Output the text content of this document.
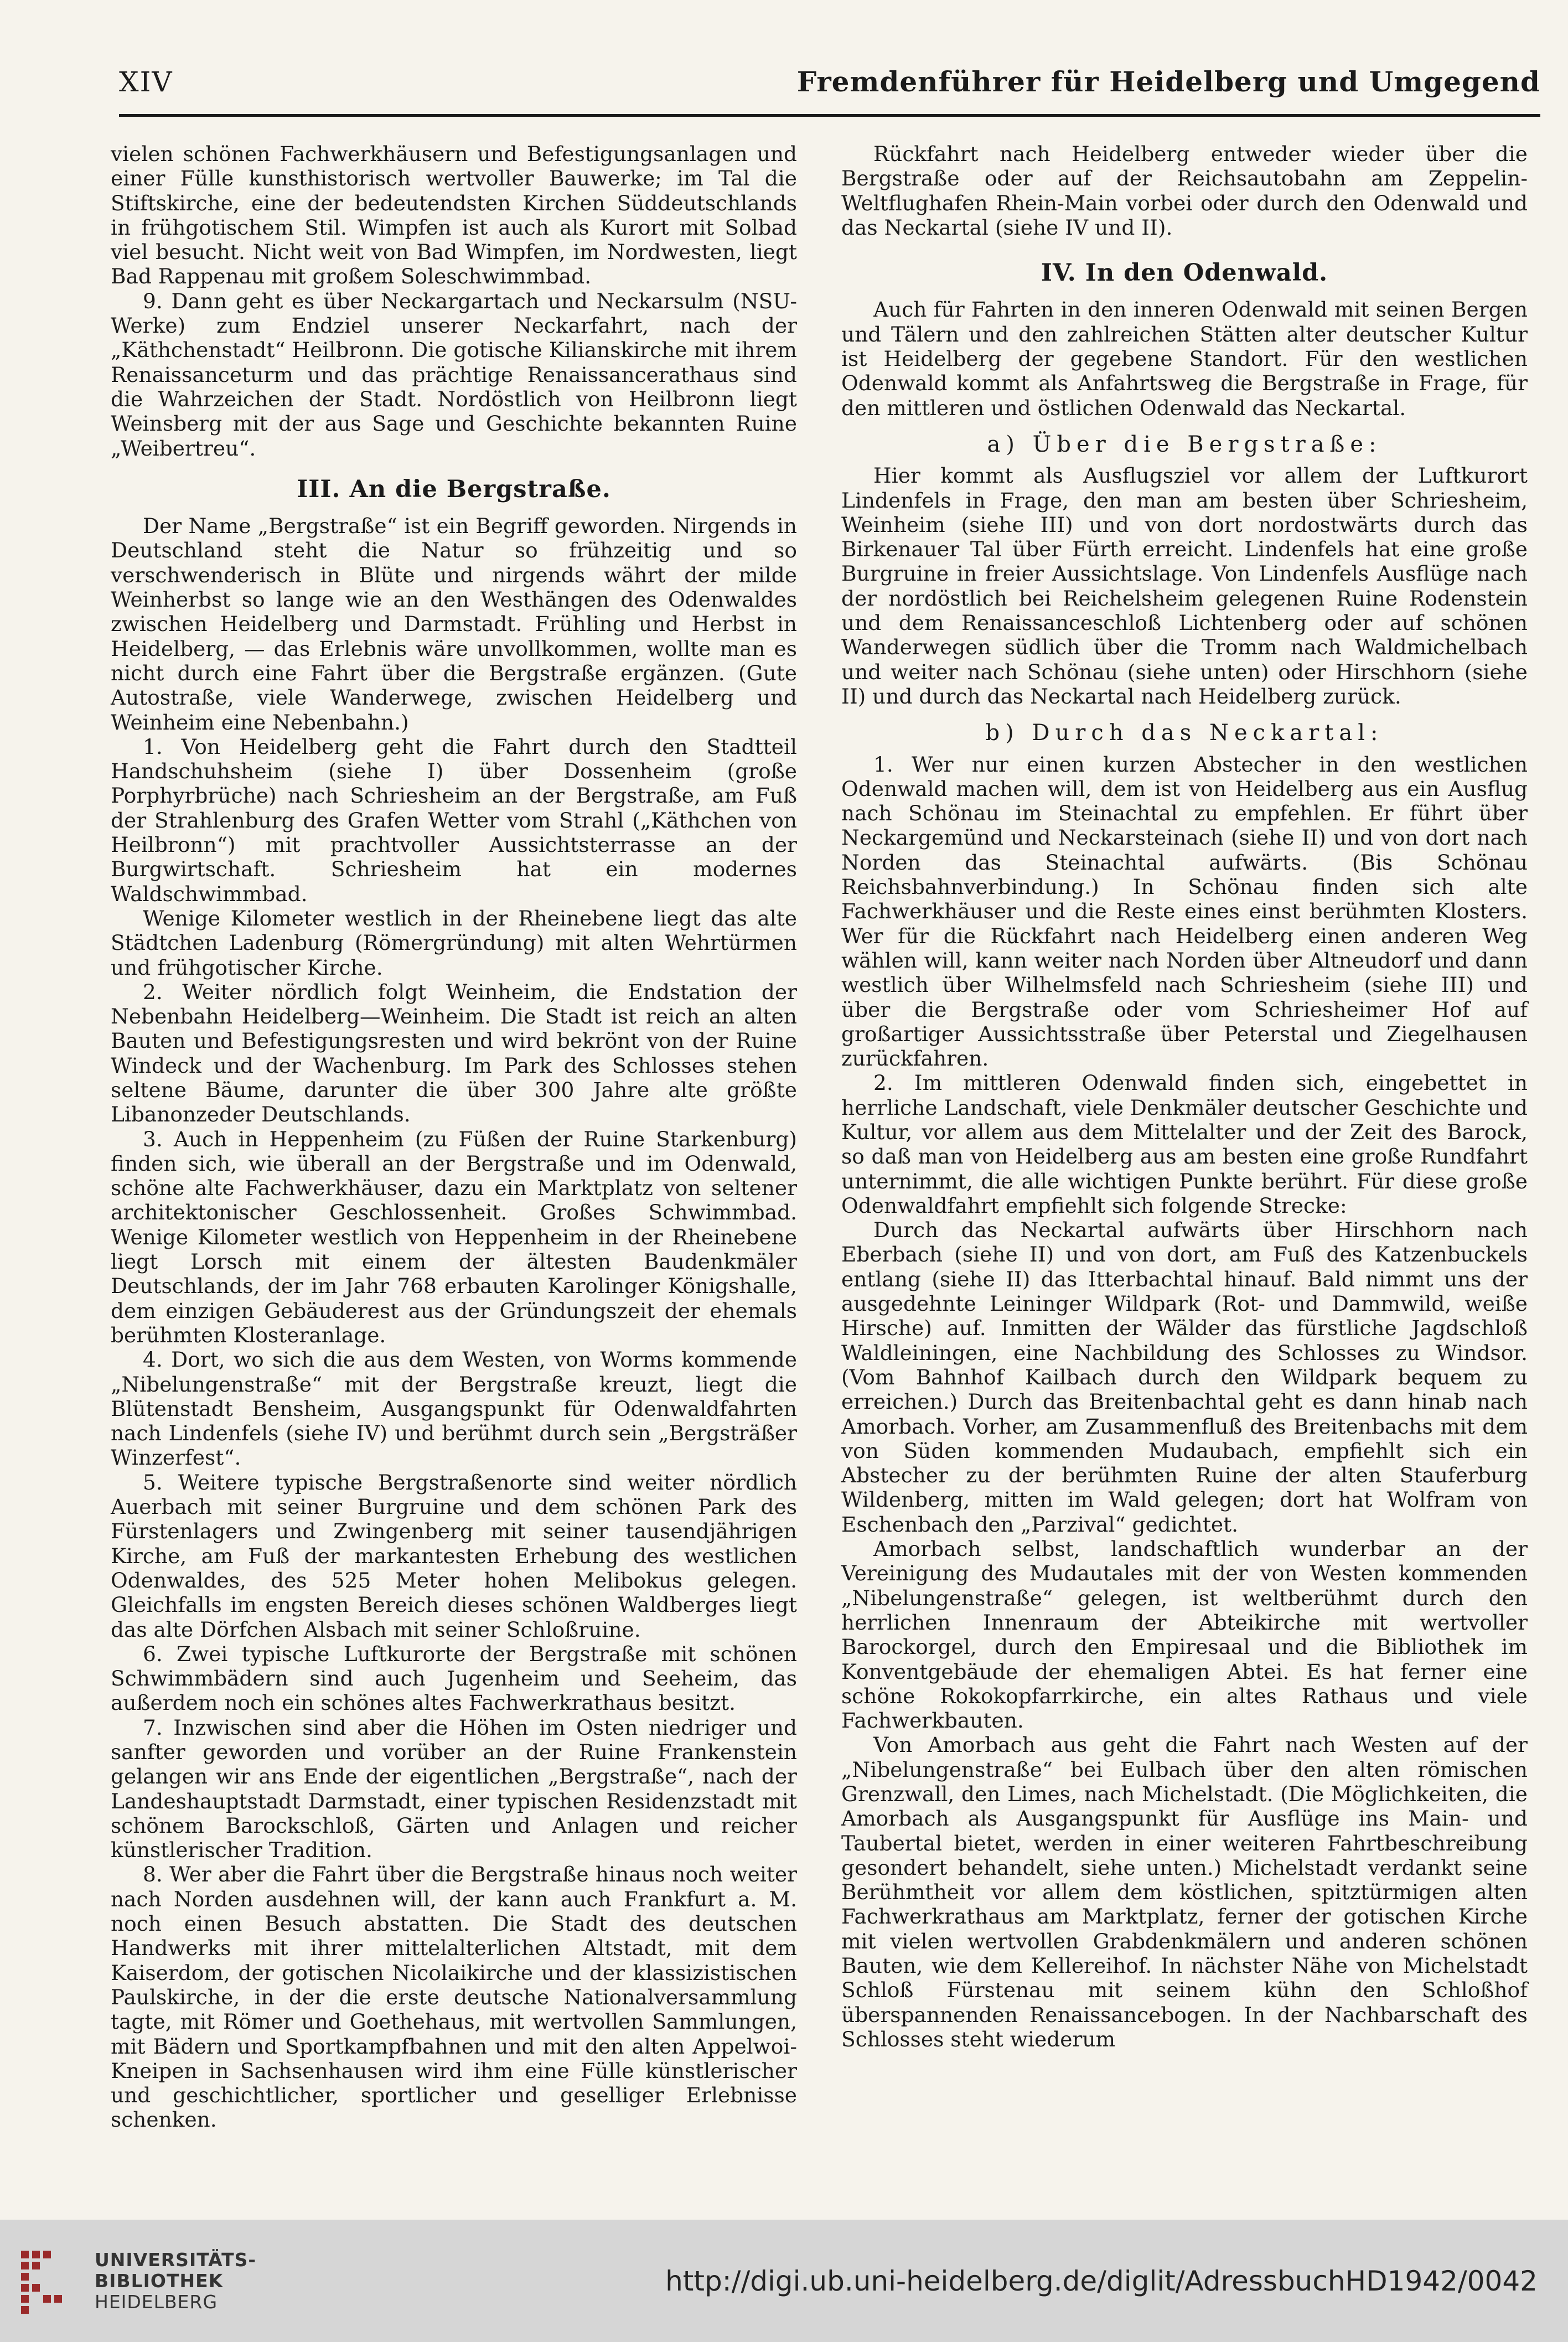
XIV	Fremdenführer für Heidelberg und Umgegend

vielen schönen Fachwerkhäusern und Befestigungsanlagen und einer Fülle kunsthistorisch wertvoller Bauwerke; im Tal die Stiftskirche, eine der bedeutendsten Kirchen Süddeutschlands in frühgotischem Stil. Wimpfen ist auch als Kurort mit Solbad viel besucht. Nicht weit von Bad Wimpfen, im Nordwesten, liegt Bad Rappenau mit großem Soleschwimmbad.

9. Dann geht es über Neckargartach und Neckarsulm (NSU-Werke) zum Endziel unserer Neckarfahrt, nach der „Käthchenstadt“ Heilbronn. Die gotische Kilianskirche mit ihrem Renaissanceturm und das prächtige Renaissancerathaus sind die Wahrzeichen der Stadt. Nordöstlich von Heilbronn liegt Weinsberg mit der aus Sage und Geschichte bekannten Ruine „Weibertreu“.

III. An die Bergstraße.

Der Name „Bergstraße“ ist ein Begriff geworden. Nirgends in Deutschland steht die Natur so frühzeitig und so verschwenderisch in Blüte und nirgends währt der milde Weinherbst so lange wie an den Westhängen des Odenwaldes zwischen Heidelberg und Darmstadt. Frühling und Herbst in Heidelberg, — das Erlebnis wäre unvollkommen, wollte man es nicht durch eine Fahrt über die Bergstraße ergänzen. (Gute Autostraße, viele Wanderwege, zwischen Heidelberg und Weinheim eine Nebenbahn.)

1. Von Heidelberg geht die Fahrt durch den Stadtteil Handschuhsheim (siehe I) über Dossenheim (große Porphyrbrüche) nach Schriesheim an der Bergstraße, am Fuß der Strahlenburg des Grafen Wetter vom Strahl („Käthchen von Heilbronn“) mit prachtvoller Aussichtsterrasse an der Burgwirtschaft. Schriesheim hat ein modernes Waldschwimmbad.

Wenige Kilometer westlich in der Rheinebene liegt das alte Städtchen Ladenburg (Römergründung) mit alten Wehrtürmen und frühgotischer Kirche.

2. Weiter nördlich folgt Weinheim, die Endstation der Nebenbahn Heidelberg—Weinheim. Die Stadt ist reich an alten Bauten und Befestigungsresten und wird bekrönt von der Ruine Windeck und der Wachenburg. Im Park des Schlosses stehen seltene Bäume, darunter die über 300 Jahre alte größte Libanonzeder Deutschlands.

3. Auch in Heppenheim (zu Füßen der Ruine Starkenburg) finden sich, wie überall an der Bergstraße und im Odenwald, schöne alte Fachwerkhäuser, dazu ein Marktplatz von seltener architektonischer Geschlossenheit. Großes Schwimmbad. Wenige Kilometer westlich von Heppenheim in der Rheinebene liegt Lorsch mit einem der ältesten Baudenkmäler Deutschlands, der im Jahr 768 erbauten Karolinger Königshalle, dem einzigen Gebäuderest aus der Gründungszeit der ehemals berühmten Klosteranlage.

4. Dort, wo sich die aus dem Westen, von Worms kommende „Nibelungenstraße“ mit der Bergstraße kreuzt, liegt die Blütenstadt Bensheim, Ausgangspunkt für Odenwaldfahrten nach Lindenfels (siehe IV) und berühmt durch sein „Bergsträßer Winzerfest“.

5. Weitere typische Bergstraßenorte sind weiter nördlich Auerbach mit seiner Burgruine und dem schönen Park des Fürstenlagers und Zwingenberg mit seiner tausendjährigen Kirche, am Fuß der markantesten Erhebung des westlichen Odenwaldes, des 525 Meter hohen Melibokus gelegen. Gleichfalls im engsten Bereich dieses schönen Waldberges liegt das alte Dörfchen Alsbach mit seiner Schloßruine.

6. Zwei typische Luftkurorte der Bergstraße mit schönen Schwimmbädern sind auch Jugenheim und Seeheim, das außerdem noch ein schönes altes Fachwerkrathaus besitzt.

7. Inzwischen sind aber die Höhen im Osten niedriger und sanfter geworden und vorüber an der Ruine Frankenstein gelangen wir ans Ende der eigentlichen „Bergstraße“, nach der Landeshauptstadt Darmstadt, einer typischen Residenzstadt mit schönem Barockschloß, Gärten und Anlagen und reicher künstlerischer Tradition.

8. Wer aber die Fahrt über die Bergstraße hinaus noch weiter nach Norden ausdehnen will, der kann auch Frankfurt a. M. noch einen Besuch abstatten. Die Stadt des deutschen Handwerks mit ihrer mittelalterlichen Altstadt, mit dem Kaiserdom, der gotischen Nicolaikirche und der klassizistischen Paulskirche, in der die erste deutsche Nationalversammlung tagte, mit Römer und Goethehaus, mit wertvollen Sammlungen, mit Bädern und Sportkampfbahnen und mit den alten Appelwoi-Kneipen in Sachsenhausen wird ihm eine Fülle künstlerischer und geschichtlicher, sportlicher und geselliger Erlebnisse schenken.

Rückfahrt nach Heidelberg entweder wieder über die Bergstraße oder auf der Reichsautobahn am Zeppelin-Weltflughafen Rhein-Main vorbei oder durch den Odenwald und das Neckartal (siehe IV und II).

IV. In den Odenwald.

Auch für Fahrten in den inneren Odenwald mit seinen Bergen und Tälern und den zahlreichen Stätten alter deutscher Kultur ist Heidelberg der gegebene Standort. Für den westlichen Odenwald kommt als Anfahrtsweg die Bergstraße in Frage, für den mittleren und östlichen Odenwald das Neckartal.

a) Über die Bergstraße:

Hier kommt als Ausflugsziel vor allem der Luftkurort Lindenfels in Frage, den man am besten über Schriesheim, Weinheim (siehe III) und von dort nordostwärts durch das Birkenauer Tal über Fürth erreicht. Lindenfels hat eine große Burgruine in freier Aussichtslage. Von Lindenfels Ausflüge nach der nordöstlich bei Reichelsheim gelegenen Ruine Rodenstein und dem Renaissanceschloß Lichtenberg oder auf schönen Wanderwegen südlich über die Tromm nach Waldmichelbach und weiter nach Schönau (siehe unten) oder Hirschhorn (siehe II) und durch das Neckartal nach Heidelberg zurück.

b) Durch das Neckartal:

1. Wer nur einen kurzen Abstecher in den westlichen Odenwald machen will, dem ist von Heidelberg aus ein Ausflug nach Schönau im Steinachtal zu empfehlen. Er führt über Neckargemünd und Neckarsteinach (siehe II) und von dort nach Norden das Steinachtal aufwärts. (Bis Schönau Reichsbahnverbindung.) In Schönau finden sich alte Fachwerkhäuser und die Reste eines einst berühmten Klosters. Wer für die Rückfahrt nach Heidelberg einen anderen Weg wählen will, kann weiter nach Norden über Altneudorf und dann westlich über Wilhelmsfeld nach Schriesheim (siehe III) und über die Bergstraße oder vom Schriesheimer Hof auf großartiger Aussichtsstraße über Peterstal und Ziegelhausen zurückfahren.

2. Im mittleren Odenwald finden sich, eingebettet in herrliche Landschaft, viele Denkmäler deutscher Geschichte und Kultur, vor allem aus dem Mittelalter und der Zeit des Barock, so daß man von Heidelberg aus am besten eine große Rundfahrt unternimmt, die alle wichtigen Punkte berührt. Für diese große Odenwaldfahrt empfiehlt sich folgende Strecke:

Durch das Neckartal aufwärts über Hirschhorn nach Eberbach (siehe II) und von dort, am Fuß des Katzenbuckels entlang (siehe II) das Itterbachtal hinauf. Bald nimmt uns der ausgedehnte Leininger Wildpark (Rot- und Dammwild, weiße Hirsche) auf. Inmitten der Wälder das fürstliche Jagdschloß Waldleiningen, eine Nachbildung des Schlosses zu Windsor. (Vom Bahnhof Kailbach durch den Wildpark bequem zu erreichen.) Durch das Breitenbachtal geht es dann hinab nach Amorbach. Vorher, am Zusammenfluß des Breitenbachs mit dem von Süden kommenden Mudaubach, empfiehlt sich ein Abstecher zu der berühmten Ruine der alten Stauferburg Wildenberg, mitten im Wald gelegen; dort hat Wolfram von Eschenbach den „Parzival“ gedichtet.

Amorbach selbst, landschaftlich wunderbar an der Vereinigung des Mudautales mit der von Westen kommenden „Nibelungenstraße“ gelegen, ist weltberühmt durch den herrlichen Innenraum der Abteikirche mit wertvoller Barockorgel, durch den Empiresaal und die Bibliothek im Konventgebäude der ehemaligen Abtei. Es hat ferner eine schöne Rokokopfarrkirche, ein altes Rathaus und viele Fachwerkbauten.

Von Amorbach aus geht die Fahrt nach Westen auf der „Nibelungenstraße“ bei Eulbach über den alten römischen Grenzwall, den Limes, nach Michelstadt. (Die Möglichkeiten, die Amorbach als Ausgangspunkt für Ausflüge ins Main- und Taubertal bietet, werden in einer weiteren Fahrtbeschreibung gesondert behandelt, siehe unten.) Michelstadt verdankt seine Berühmtheit vor allem dem köstlichen, spitztürmigen alten Fachwerkrathaus am Marktplatz, ferner der gotischen Kirche mit vielen wertvollen Grabdenkmälern und anderen schönen Bauten, wie dem Kellereihof. In nächster Nähe von Michelstadt Schloß Fürstenau mit seinem kühn den Schloßhof überspannenden Renaissancebogen. In der Nachbarschaft des Schlosses steht wiederum

UNIVERSITÄTS-
BIBLIOTHEK
HEIDELBERG
http://digi.ub.uni-heidelberg.de/diglit/AdressbuchHD1942/0042
